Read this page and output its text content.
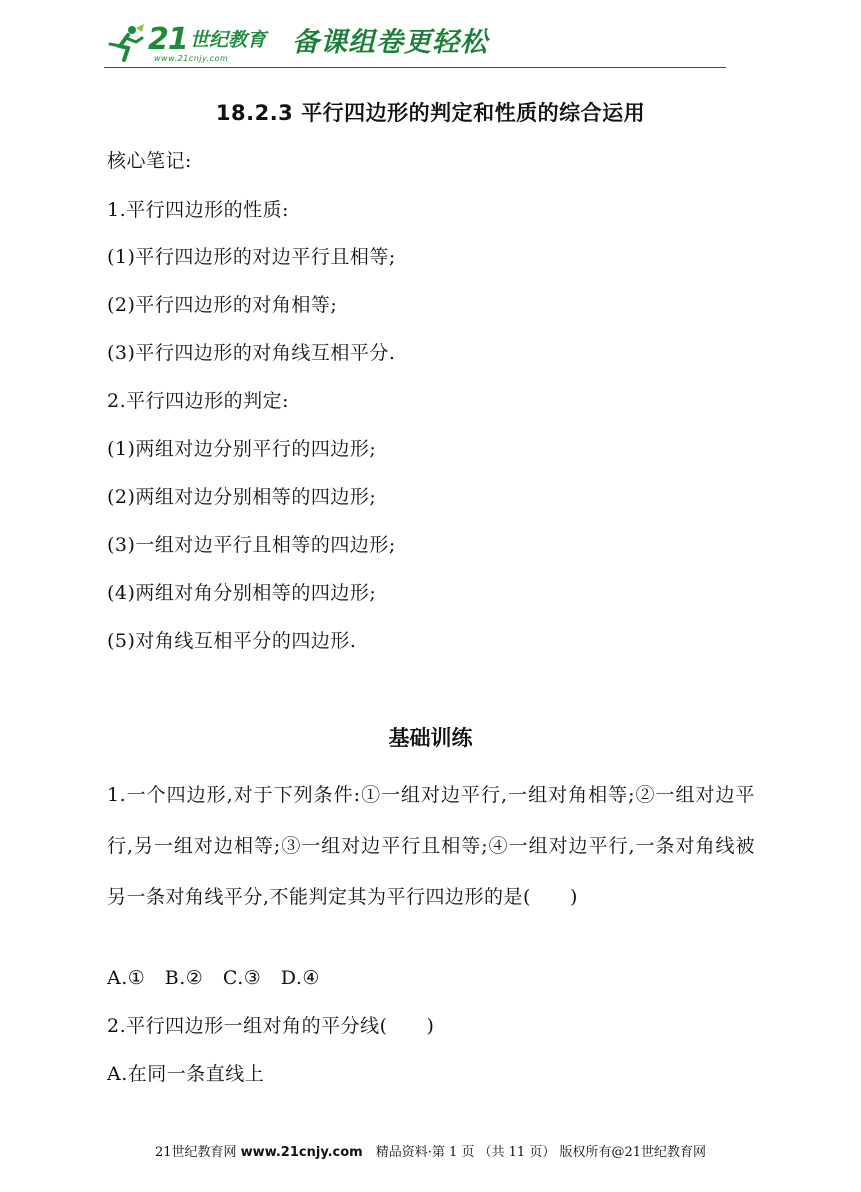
21 世纪教育
www.21cnjy.com
备课组卷更轻松
18.2.3 平行四边形的判定和性质的综合运用
核心笔记:
1.平行四边形的性质:
(1)平行四边形的对边平行且相等;
(2)平行四边形的对角相等;
(3)平行四边形的对角线互相平分.
2.平行四边形的判定:
(1)两组对边分别平行的四边形;
(2)两组对边分别相等的四边形;
(3)一组对边平行且相等的四边形;
(4)两组对角分别相等的四边形;
(5)对角线互相平分的四边形.
基础训练
1.一个四边形,对于下列条件:①一组对边平行,一组对角相等;②一组对边平行,另一组对边相等;③一组对边平行且相等;④一组对边平行,一条对角线被另一条对角线平分,不能判定其为平行四边形的是(　　)
A.①　B.②　C.③　D.④
2.平行四边形一组对角的平分线(　　)
A.在同一条直线上
21世纪教育网 www.21cnjy.com　精品资料·第 1 页 （共 11 页） 版权所有@21世纪教育网
